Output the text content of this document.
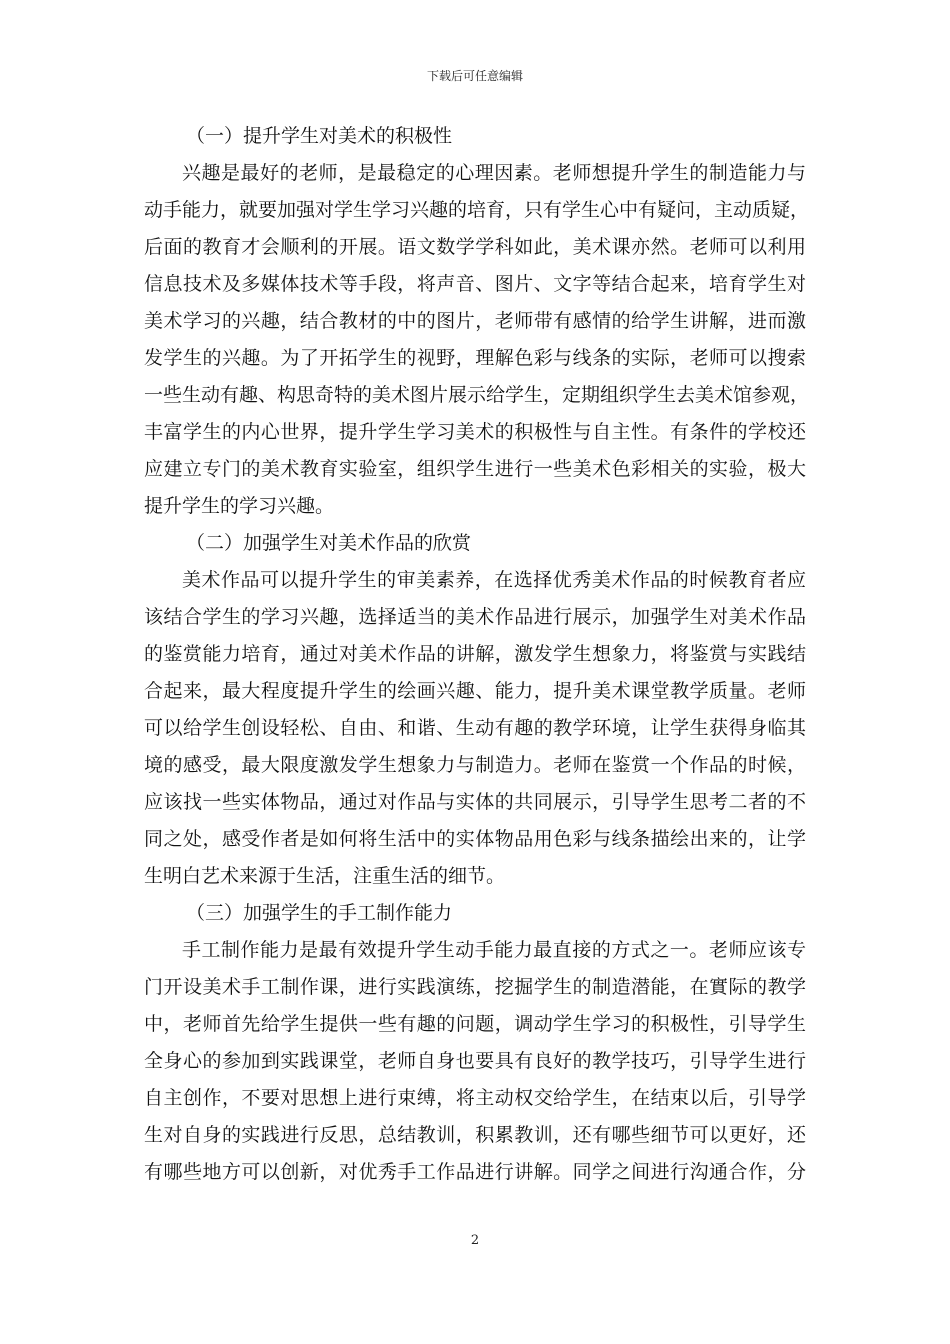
下载后可任意编辑
（一）提升学生对美术的积极性
兴趣是最好的老师，是最稳定的心理因素。老师想提升学生的制造能力与
动手能力，就要加强对学生学习兴趣的培育，只有学生心中有疑问，主动质疑，
后面的教育才会顺利的开展。语文数学学科如此，美术课亦然。老师可以利用
信息技术及多媒体技术等手段，将声音、图片、文字等结合起来，培育学生对
美术学习的兴趣，结合教材的中的图片，老师带有感情的给学生讲解，进而激
发学生的兴趣。为了开拓学生的视野，理解色彩与线条的实际，老师可以搜索
一些生动有趣、构思奇特的美术图片展示给学生，定期组织学生去美术馆参观，
丰富学生的内心世界，提升学生学习美术的积极性与自主性。有条件的学校还
应建立专门的美术教育实验室，组织学生进行一些美术色彩相关的实验，极大
提升学生的学习兴趣。
（二）加强学生对美术作品的欣赏
美术作品可以提升学生的审美素养，在选择优秀美术作品的时候教育者应
该结合学生的学习兴趣，选择适当的美术作品进行展示，加强学生对美术作品
的鉴赏能力培育，通过对美术作品的讲解，激发学生想象力，将鉴赏与实践结
合起来，最大程度提升学生的绘画兴趣、能力，提升美术课堂教学质量。老师
可以给学生创设轻松、自由、和谐、生动有趣的教学环境，让学生获得身临其
境的感受，最大限度激发学生想象力与制造力。老师在鉴赏一个作品的时候，
应该找一些实体物品，通过对作品与实体的共同展示，引导学生思考二者的不
同之处，感受作者是如何将生活中的实体物品用色彩与线条描绘出来的，让学
生明白艺术来源于生活，注重生活的细节。
（三）加强学生的手工制作能力
手工制作能力是最有效提升学生动手能力最直接的方式之一。老师应该专
门开设美术手工制作课，进行实践演练，挖掘学生的制造潜能，在實际的教学
中，老师首先给学生提供一些有趣的问题，调动学生学习的积极性，引导学生
全身心的参加到实践课堂，老师自身也要具有良好的教学技巧，引导学生进行
自主创作，不要对思想上进行束缚，将主动权交给学生，在结束以后，引导学
生对自身的实践进行反思，总结教训，积累教训，还有哪些细节可以更好，还
有哪些地方可以创新，对优秀手工作品进行讲解。同学之间进行沟通合作，分
2
